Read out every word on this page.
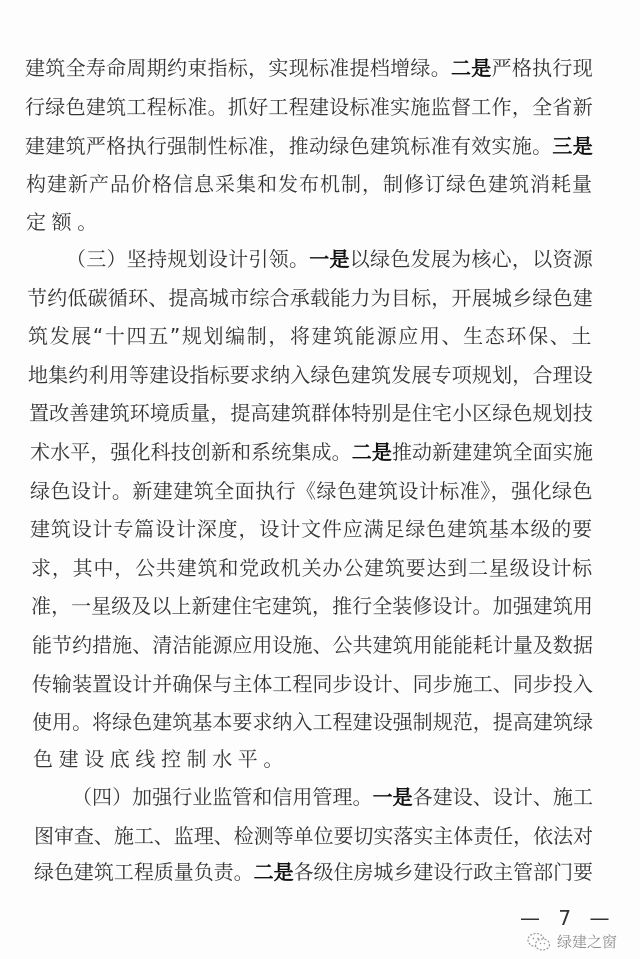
建筑全寿命周期约束指标，实现标准提档增绿。二是严格执行现
行绿色建筑工程标准。抓好工程建设标准实施监督工作，全省新
建建筑严格执行强制性标准，推动绿色建筑标准有效实施。三是
构建新产品价格信息采集和发布机制，制修订绿色建筑消耗量
定额。
（三）坚持规划设计引领。一是以绿色发展为核心，以资源
节约低碳循环、提高城市综合承载能力为目标，开展城乡绿色建
筑发展“十四五”规划编制，将建筑能源应用、生态环保、土
地集约利用等建设指标要求纳入绿色建筑发展专项规划，合理设
置改善建筑环境质量，提高建筑群体特别是住宅小区绿色规划技
术水平，强化科技创新和系统集成。二是推动新建建筑全面实施
绿色设计。新建建筑全面执行《绿色建筑设计标准》，强化绿色
建筑设计专篇设计深度，设计文件应满足绿色建筑基本级的要
求，其中，公共建筑和党政机关办公建筑要达到二星级设计标
准，一星级及以上新建住宅建筑，推行全装修设计。加强建筑用
能节约措施、清洁能源应用设施、公共建筑用能能耗计量及数据
传输装置设计并确保与主体工程同步设计、同步施工、同步投入
使用。将绿色建筑基本要求纳入工程建设强制规范，提高建筑绿
色建设底线控制水平。
（四）加强行业监管和信用管理。一是各建设、设计、施工
图审查、施工、监理、检测等单位要切实落实主体责任，依法对
绿色建筑工程质量负责。二是各级住房城乡建设行政主管部门要
— 7 —
绿建之窗
